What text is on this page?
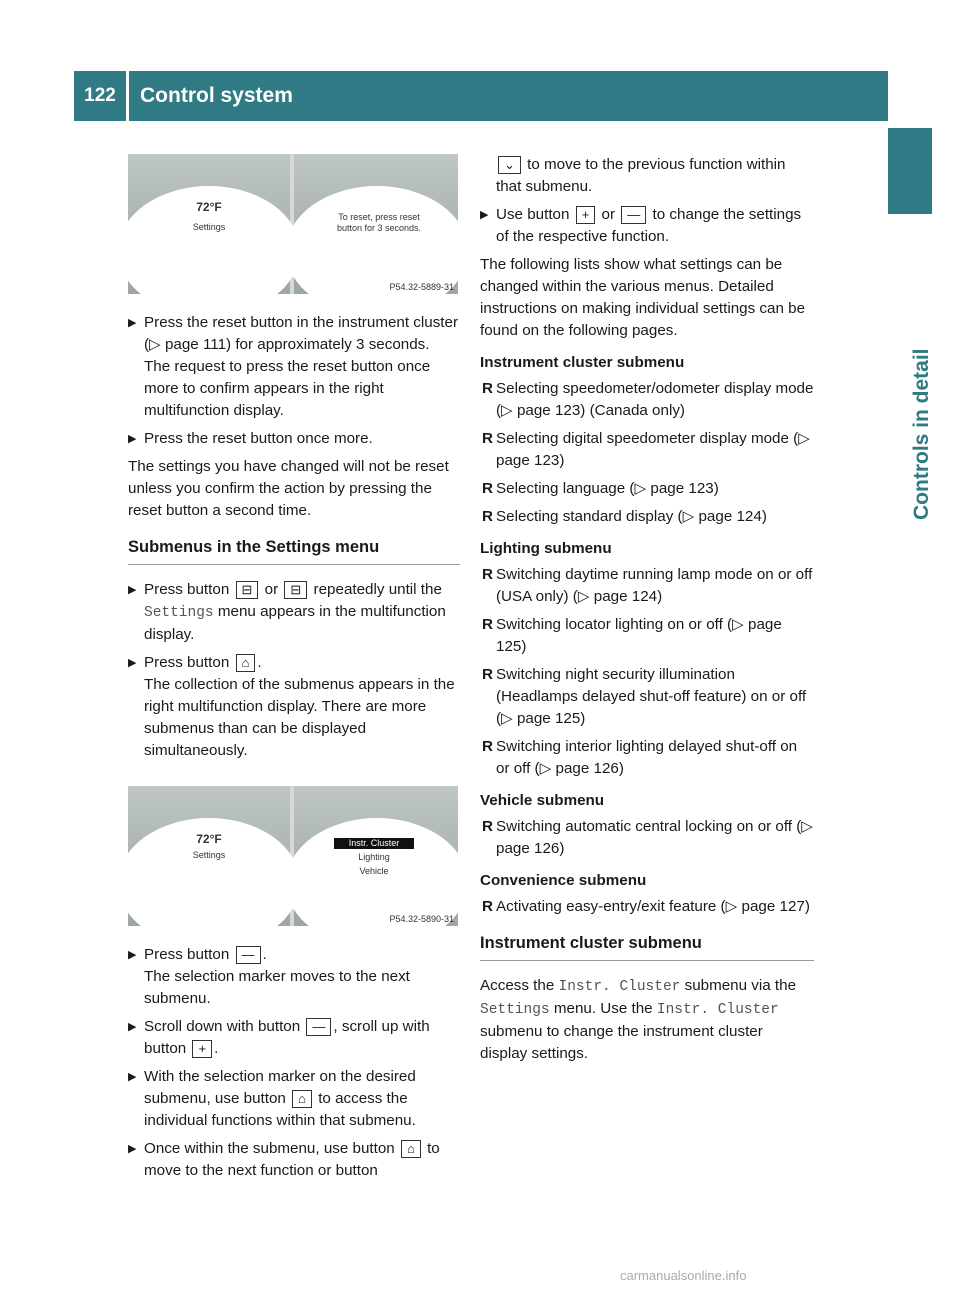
122	Control system
Controls in detail
72°F
Settings
To reset, press reset button for 3 seconds.
P54.32-5889-31
▶ Press the reset button in the instrument cluster (▷ page 111) for approximately 3 seconds.
The request to press the reset button once more to confirm appears in the right multifunction display.
▶ Press the reset button once more.

The settings you have changed will not be reset unless you confirm the action by pressing the reset button a second time.

Submenus in the Settings menu
▶ Press button ⊟ or ⊟ repeatedly until the Settings menu appears in the multifunction display.
▶ Press button ⌂ .
The collection of the submenus appears in the right multifunction display. There are more submenus than can be displayed simultaneously.
72°F
Settings
Instr. Cluster
Lighting
Vehicle
P54.32-5890-31
▶ Press button — .
The selection marker moves to the next submenu.
▶ Scroll down with button — , scroll up with button + .
▶ With the selection marker on the desired submenu, use button ⌂ to access the individual functions within that submenu.
▶ Once within the submenu, use button ⌂ to move to the next function or button
⌄ to move to the previous function within that submenu.
▶ Use button + or — to change the settings of the respective function.

The following lists show what settings can be changed within the various menus. Detailed instructions on making individual settings can be found on the following pages.

Instrument cluster submenu
R Selecting speedometer/odometer display mode (▷ page 123) (Canada only)
R Selecting digital speedometer display mode (▷ page 123)
R Selecting language (▷ page 123)
R Selecting standard display (▷ page 124)
Lighting submenu
R Switching daytime running lamp mode on or off (USA only) (▷ page 124)
R Switching locator lighting on or off (▷ page 125)
R Switching night security illumination (Headlamps delayed shut-off feature) on or off (▷ page 125)
R Switching interior lighting delayed shut-off on or off (▷ page 126)
Vehicle submenu
R Switching automatic central locking on or off (▷ page 126)
Convenience submenu
R Activating easy-entry/exit feature (▷ page 127)
Instrument cluster submenu

Access the Instr. Cluster submenu via the Settings menu. Use the Instr. Cluster submenu to change the instrument cluster display settings.

carmanualsonline.info
